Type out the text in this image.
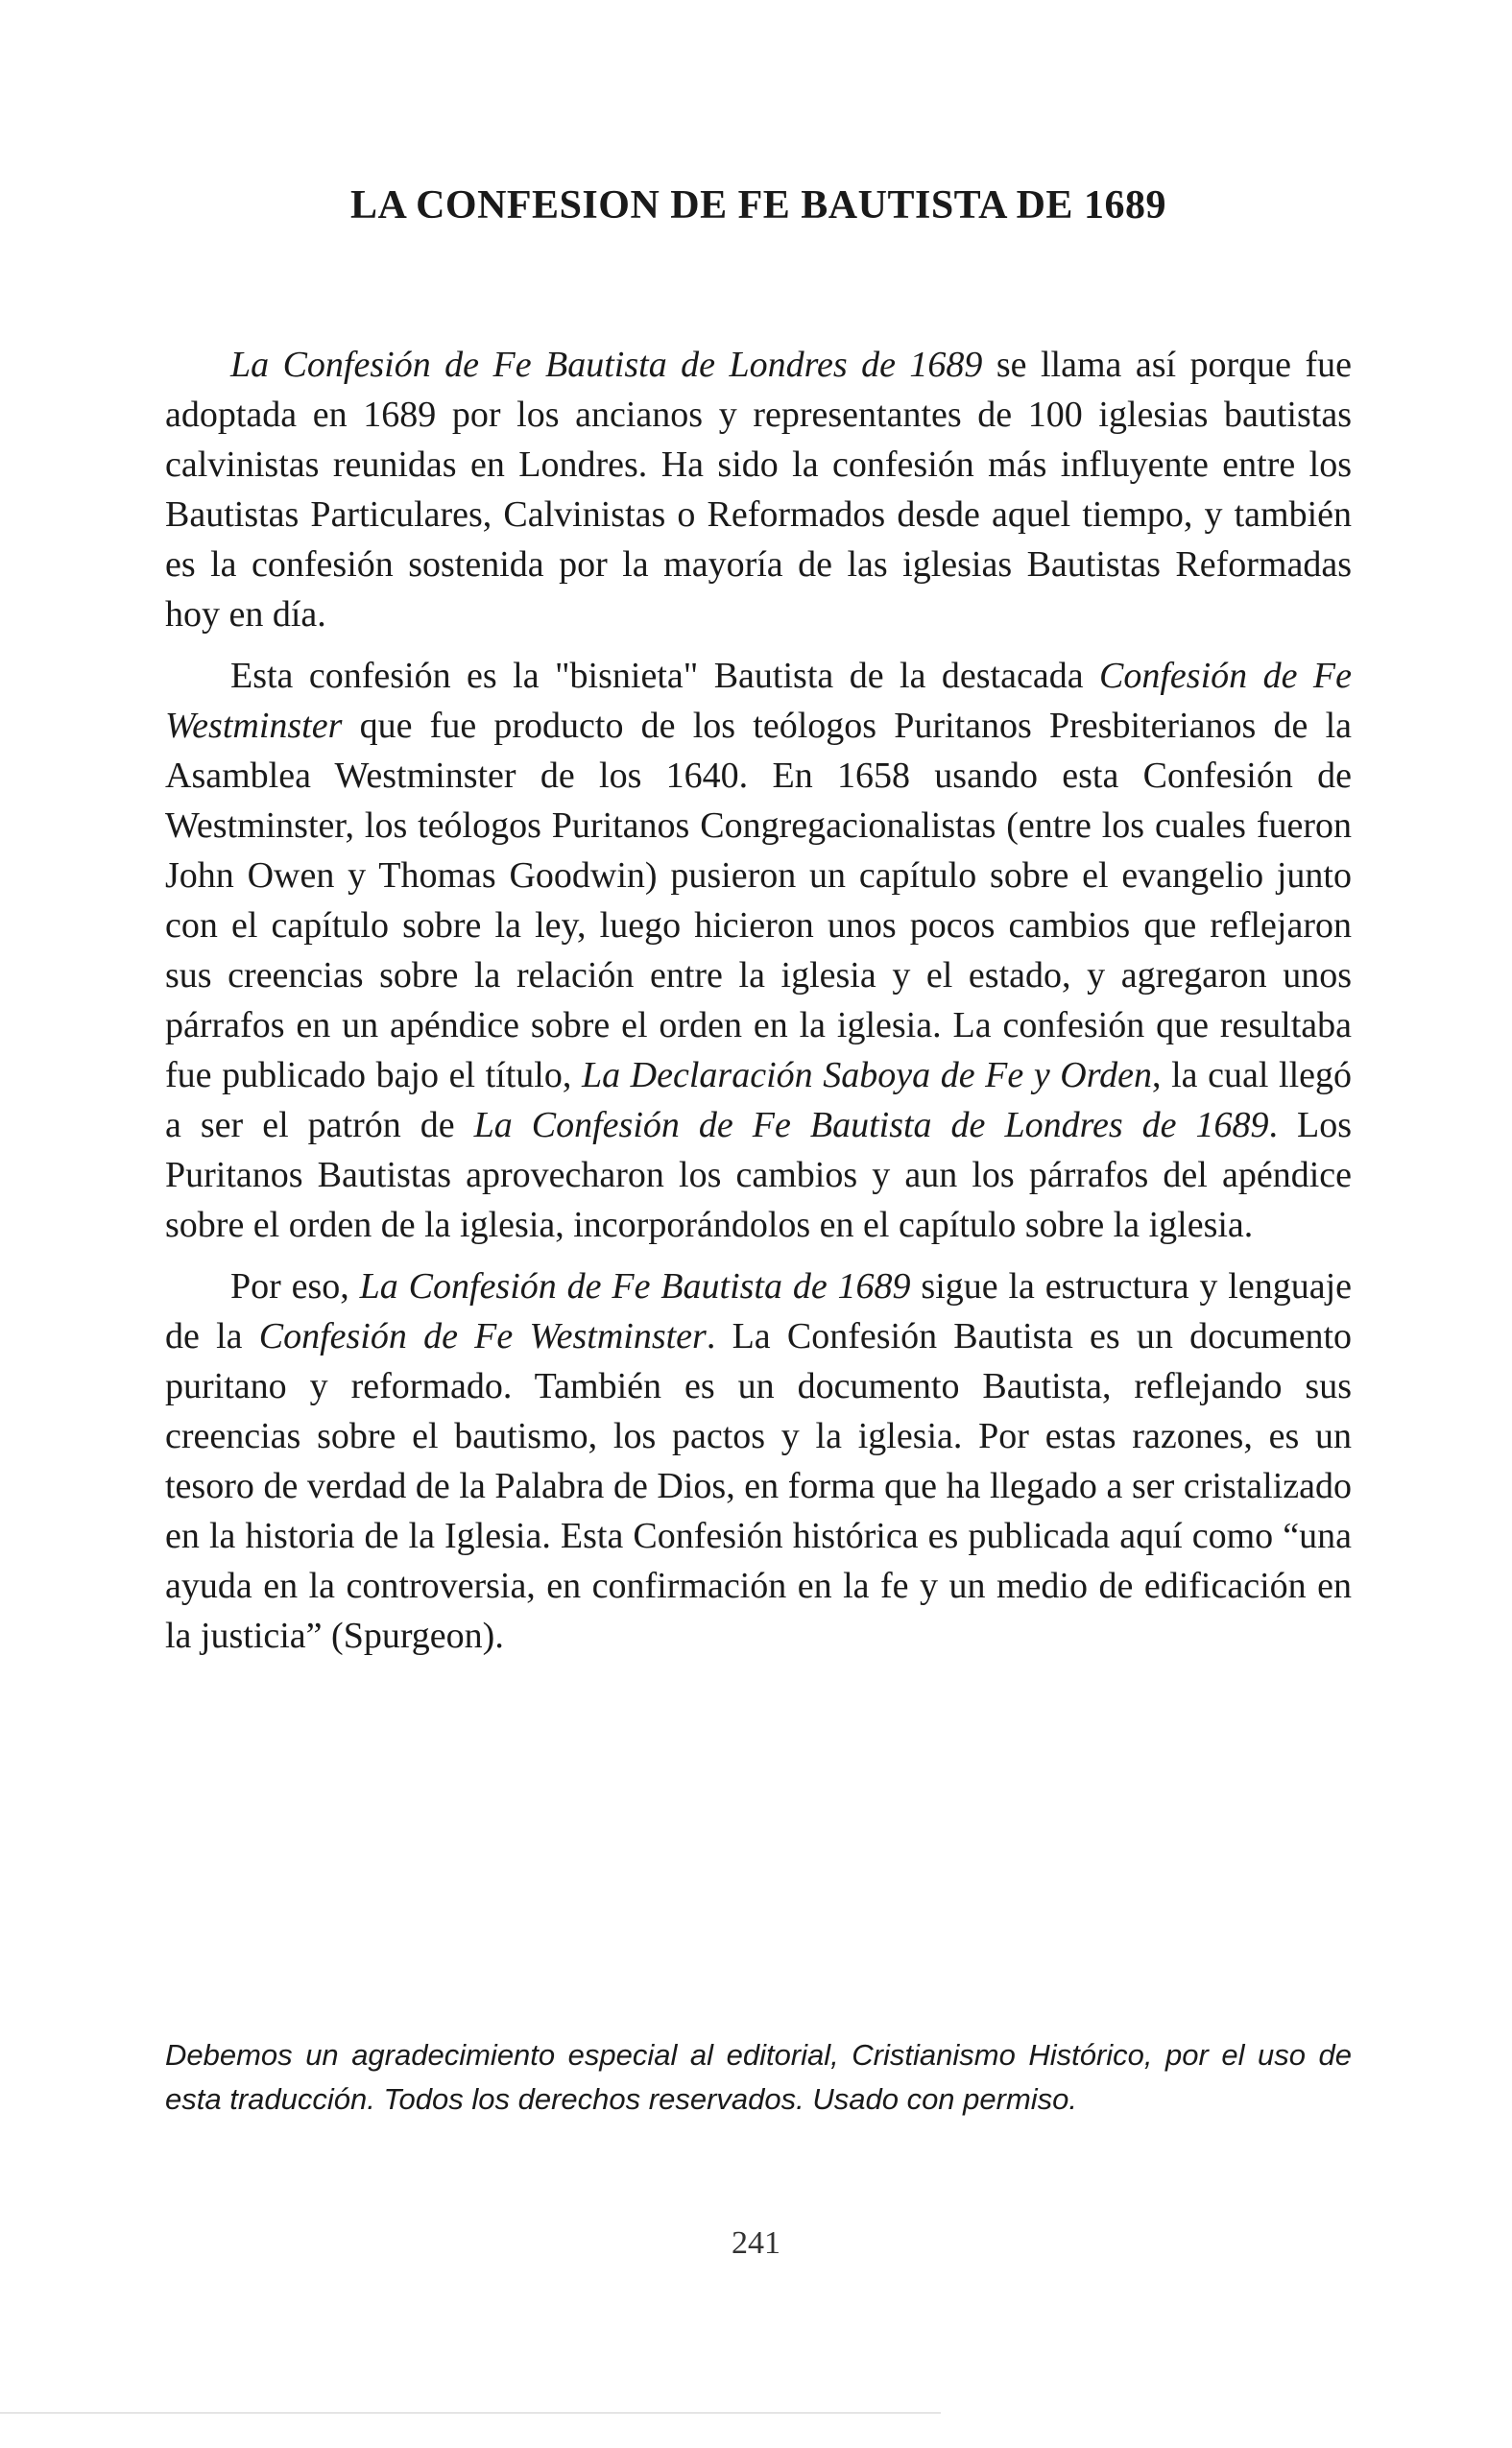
LA CONFESION DE FE BAUTISTA DE 1689

La Confesión de Fe Bautista de Londres de 1689 se llama así porque fue adoptada en 1689 por los ancianos y representantes de 100 iglesias bautistas calvinistas reunidas en Londres. Ha sido la confesión más influyente entre los Bautistas Particulares, Calvinistas o Reformados desde aquel tiempo, y también es la confesión sostenida por la mayoría de las iglesias Bautistas Reformadas hoy en día.

Esta confesión es la "bisnieta" Bautista de la destacada Confesión de Fe Westminster que fue producto de los teólogos Puritanos Presbiterianos de la Asamblea Westminster de los 1640. En 1658 usando esta Confesión de Westminster, los teólogos Puritanos Congregacionalistas (entre los cuales fueron John Owen y Thomas Goodwin) pusieron un capítulo sobre el evangelio junto con el capítulo sobre la ley, luego hicieron unos pocos cambios que reflejaron sus creencias sobre la relación entre la iglesia y el estado, y agregaron unos párrafos en un apéndice sobre el orden en la iglesia. La confesión que resultaba fue publicado bajo el título, La Declaración Saboya de Fe y Orden, la cual llegó a ser el patrón de La Confesión de Fe Bautista de Londres de 1689. Los Puritanos Bautistas aprovecharon los cambios y aun los párrafos del apéndice sobre el orden de la iglesia, incorporándolos en el capítulo sobre la iglesia.

Por eso, La Confesión de Fe Bautista de 1689 sigue la estructura y lenguaje de la Confesión de Fe Westminster. La Confesión Bautista es un documento puritano y reformado. También es un documento Bautista, reflejando sus creencias sobre el bautismo, los pactos y la iglesia. Por estas razones, es un tesoro de verdad de la Palabra de Dios, en forma que ha llegado a ser cristalizado en la historia de la Iglesia. Esta Confesión histórica es publicada aquí como “una ayuda en la controversia, en confirmación en la fe y un medio de edificación en la justicia” (Spurgeon).

Debemos un agradecimiento especial al editorial, Cristianismo Histórico, por el uso de esta traducción. Todos los derechos reservados. Usado con permiso.

241
